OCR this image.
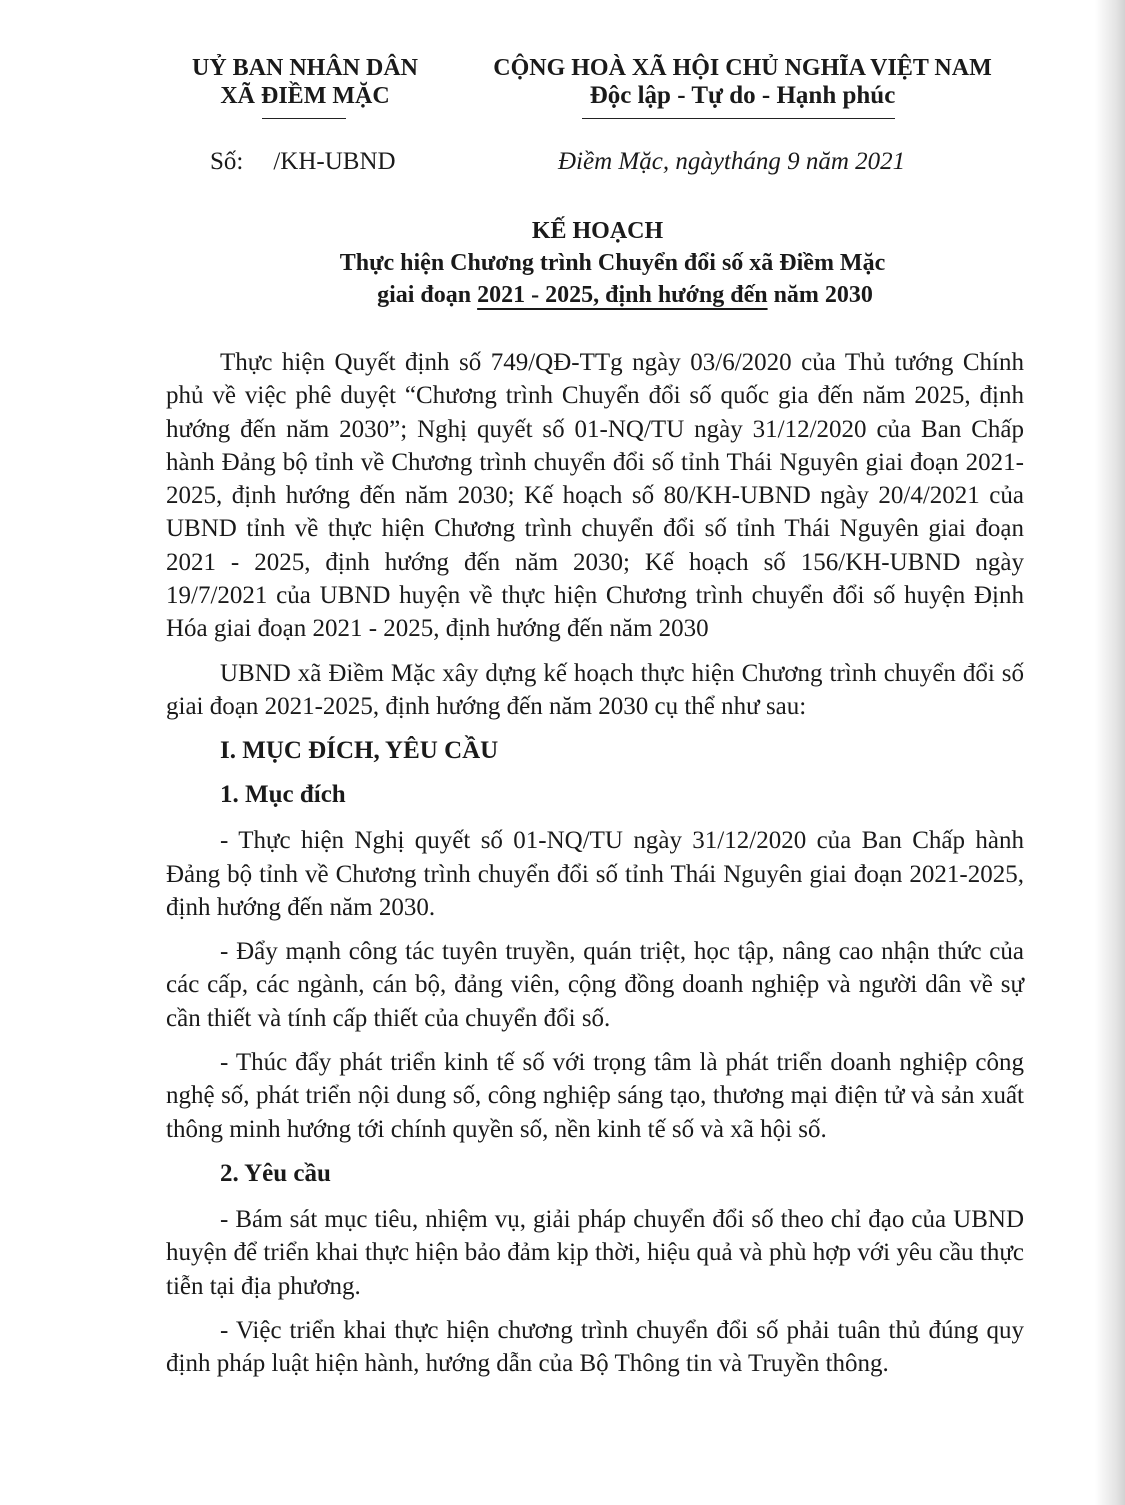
UỶ BAN NHÂN DÂN
XÃ ĐIỀM MẶC
CỘNG HOÀ XÃ HỘI CHỦ NGHĨA VIỆT NAM
Độc lập - Tự do - Hạnh phúc
Số: /KH-UBND	Điềm Mặc, ngàytháng 9 năm 2021
KẾ HOẠCH
Thực hiện Chương trình Chuyển đổi số xã Điềm Mặc
giai đoạn 2021 - 2025, định hướng đến năm 2030

Thực hiện Quyết định số 749/QĐ-TTg ngày 03/6/2020 của Thủ tướng Chính phủ về việc phê duyệt “Chương trình Chuyển đổi số quốc gia đến năm 2025, định hướng đến năm 2030”; Nghị quyết số 01-NQ/TU ngày 31/12/2020 của Ban Chấp hành Đảng bộ tỉnh về Chương trình chuyển đổi số tỉnh Thái Nguyên giai đoạn 2021-2025, định hướng đến năm 2030; Kế hoạch số 80/KH-UBND ngày 20/4/2021 của UBND tỉnh về thực hiện Chương trình chuyển đổi số tỉnh Thái Nguyên giai đoạn 2021 - 2025, định hướng đến năm 2030; Kế hoạch số 156/KH-UBND ngày 19/7/2021 của UBND huyện về thực hiện Chương trình chuyển đổi số huyện Định Hóa giai đoạn 2021 - 2025, định hướng đến năm 2030

UBND xã Điềm Mặc xây dựng kế hoạch thực hiện Chương trình chuyển đổi số giai đoạn 2021-2025, định hướng đến năm 2030 cụ thể như sau:

I. MỤC ĐÍCH, YÊU CẦU
1. Mục đích

- Thực hiện Nghị quyết số 01-NQ/TU ngày 31/12/2020 của Ban Chấp hành Đảng bộ tỉnh về Chương trình chuyển đổi số tỉnh Thái Nguyên giai đoạn 2021-2025, định hướng đến năm 2030.

- Đẩy mạnh công tác tuyên truyền, quán triệt, học tập, nâng cao nhận thức của các cấp, các ngành, cán bộ, đảng viên, cộng đồng doanh nghiệp và người dân về sự cần thiết và tính cấp thiết của chuyển đổi số.

- Thúc đẩy phát triển kinh tế số với trọng tâm là phát triển doanh nghiệp công nghệ số, phát triển nội dung số, công nghiệp sáng tạo, thương mại điện tử và sản xuất thông minh hướng tới chính quyền số, nền kinh tế số và xã hội số.

2. Yêu cầu

- Bám sát mục tiêu, nhiệm vụ, giải pháp chuyển đổi số theo chỉ đạo của UBND huyện để triển khai thực hiện bảo đảm kịp thời, hiệu quả và phù hợp với yêu cầu thực tiễn tại địa phương.

- Việc triển khai thực hiện chương trình chuyển đổi số phải tuân thủ đúng quy định pháp luật hiện hành, hướng dẫn của Bộ Thông tin và Truyền thông.
